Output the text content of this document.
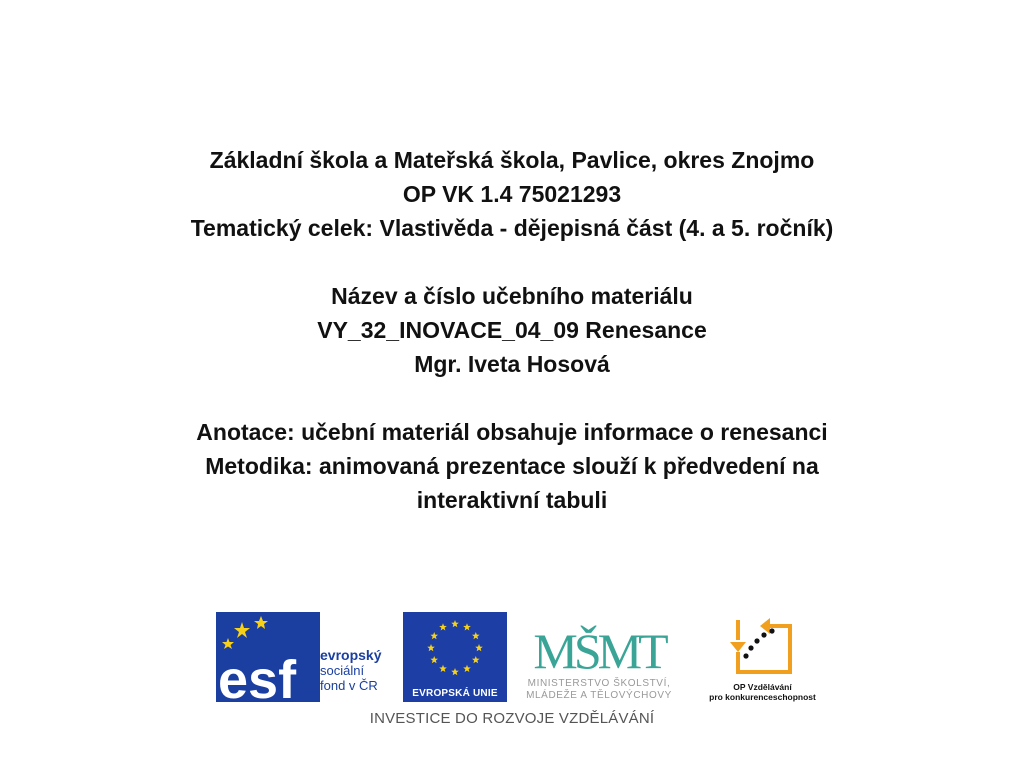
Základní škola a Mateřská škola, Pavlice, okres Znojmo
OP VK 1.4 75021293
Tematický celek: Vlastivěda - dějepisná část (4. a 5. ročník)
Název a číslo učebního materiálu
VY_32_INOVACE_04_09 Renesance
Mgr. Iveta Hosová
Anotace: učební materiál obsahuje informace o renesanci
Metodika: animovaná prezentace slouží k předvedení na
interaktivní tabuli
esf evropský
sociální
fond v ČR
EVROPSKÁ UNIE
MŠMT
MINISTERSTVO ŠKOLSTVÍ,
MLÁDEŽE A TĚLOVÝCHOVY
OP Vzdělávání
pro konkurenceschopnost
INVESTICE DO ROZVOJE VZDĚLÁVÁNÍ
